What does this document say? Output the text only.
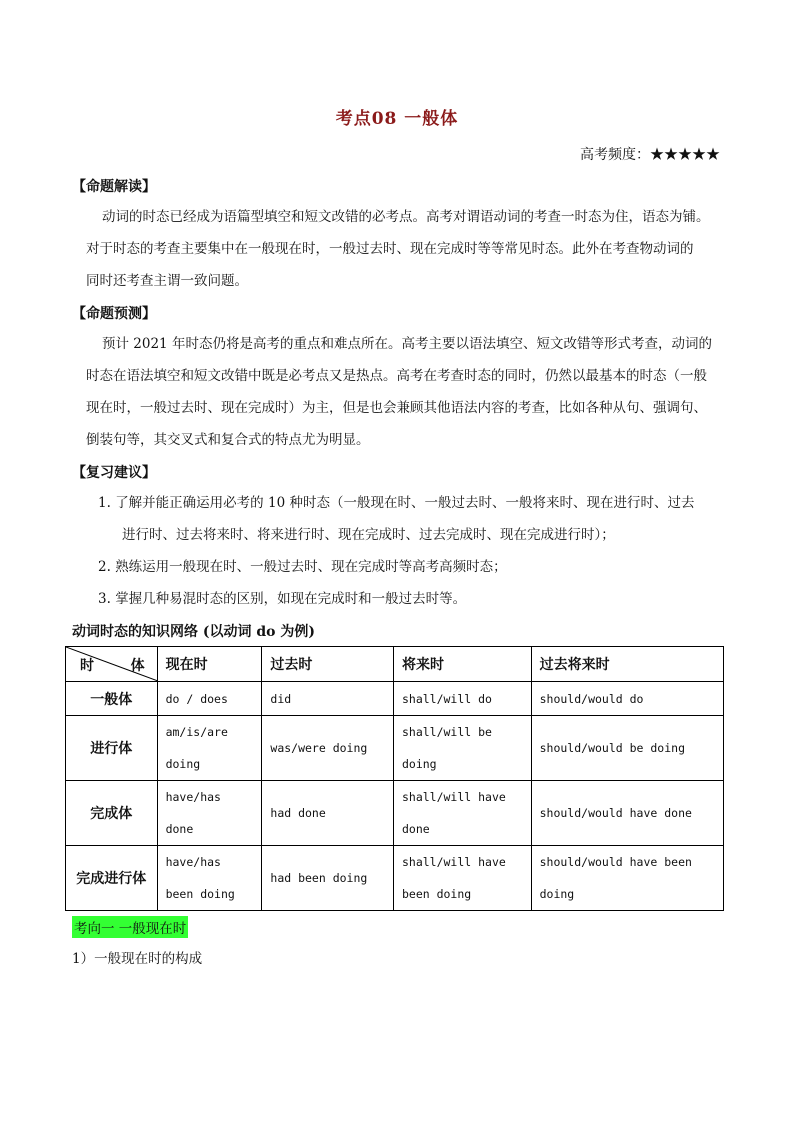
考点08 一般体
高考频度：★★★★★
【命题解读】

动词的时态已经成为语篇型填空和短文改错的必考点。高考对谓语动词的考查一时态为住，语态为铺。

对于时态的考查主要集中在一般现在时，一般过去时、现在完成时等等常见时态。此外在考查物动词的

同时还考查主谓一致问题。

【命题预测】

预计 2021 年时态仍将是高考的重点和难点所在。高考主要以语法填空、短文改错等形式考查，动词的

时态在语法填空和短文改错中既是必考点又是热点。高考在考查时态的同时，仍然以最基本的时态（一般

现在时，一般过去时、现在完成时）为主，但是也会兼顾其他语法内容的考查，比如各种从句、强调句、

倒装句等，其交叉式和复合式的特点尤为明显。

【复习建议】

1. 了解并能正确运用必考的 10 种时态（一般现在时、一般过去时、一般将来时、现在进行时、过去

进行时、过去将来时、将来进行时、现在完成时、过去完成时、现在完成进行时）；

2. 熟练运用一般现在时、一般过去时、现在完成时等高考高频时态；

3. 掌握几种易混时态的区别，如现在完成时和一般过去时等。

动词时态的知识网络 (以动词 do 为例)
时 体	现在时	过去时	将来时	过去将来时
一般体	do / does	did	shall/will do	should/would do
进行体	am/is/are doing	was/were doing	shall/will be doing	should/would be doing
完成体	have/has done	had done	shall/will have done	should/would have done
完成进行体	have/has been doing	had been doing	shall/will have been doing	should/would have been doing
考向一 一般现在时
1）一般现在时的构成
